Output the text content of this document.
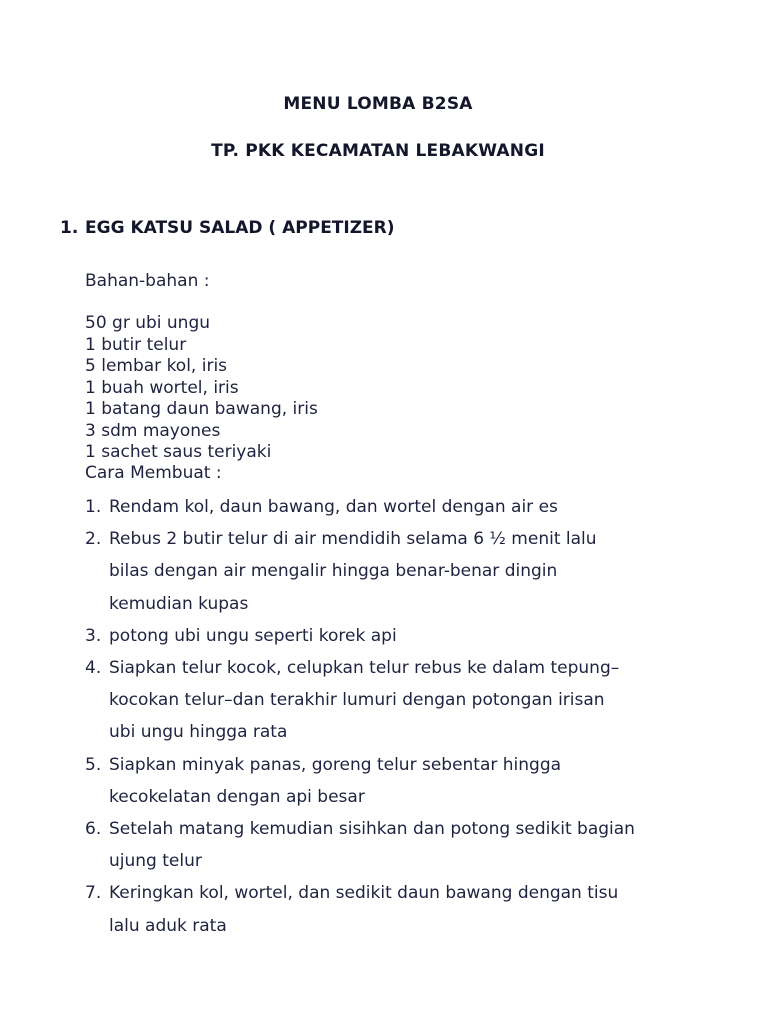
MENU LOMBA B2SA
TP. PKK KECAMATAN LEBAKWANGI
1. EGG KATSU SALAD ( APPETIZER)
Bahan-bahan :
50 gr ubi ungu
1 butir telur
5 lembar kol, iris
1 buah wortel, iris
1 batang daun bawang, iris
3 sdm mayones
1 sachet saus teriyaki
Cara Membuat :
1. Rendam kol, daun bawang, dan wortel dengan air es
2. Rebus 2 butir telur di air mendidih selama 6 ½ menit lalu
bilas dengan air mengalir hingga benar-benar dingin
kemudian kupas
3. potong ubi ungu seperti korek api
4. Siapkan telur kocok, celupkan telur rebus ke dalam tepung–
kocokan telur–dan terakhir lumuri dengan potongan irisan
ubi ungu hingga rata
5. Siapkan minyak panas, goreng telur sebentar hingga
kecokelatan dengan api besar
6. Setelah matang kemudian sisihkan dan potong sedikit bagian
ujung telur
7. Keringkan kol, wortel, dan sedikit daun bawang dengan tisu
lalu aduk rata
